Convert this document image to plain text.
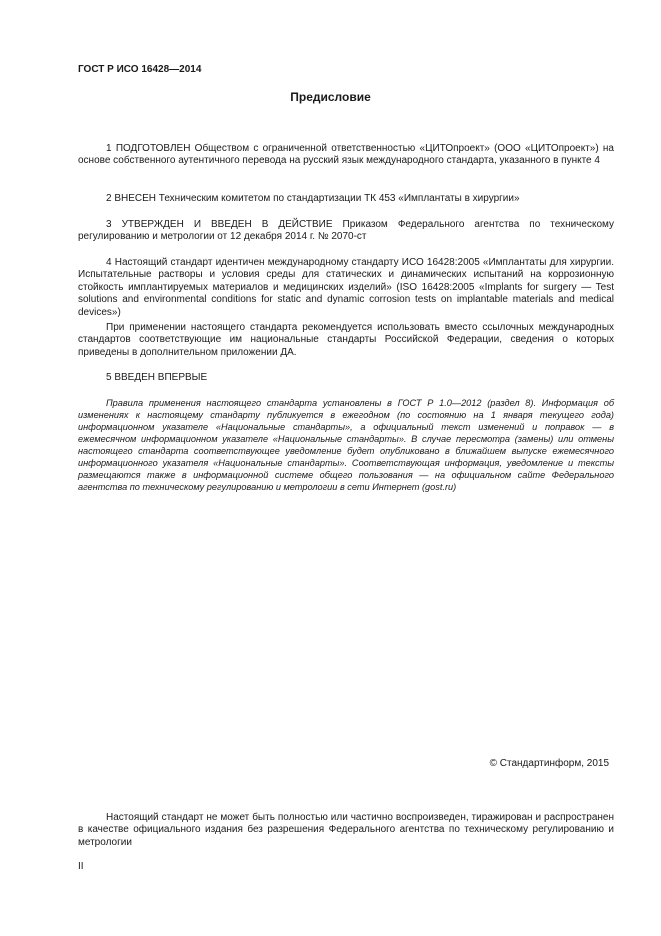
ГОСТ Р ИСО 16428—2014
Предисловие

1 ПОДГОТОВЛЕН Обществом с ограниченной ответственностью «ЦИТОпроект» (ООО «ЦИТОпроект») на основе собственного аутентичного перевода на русский язык международного стандарта, указанного в пункте 4

2 ВНЕСЕН Техническим комитетом по стандартизации ТК 453 «Имплантаты в хирургии»

3 УТВЕРЖДЕН И ВВЕДЕН В ДЕЙСТВИЕ Приказом Федерального агентства по техническому регулированию и метрологии от 12 декабря 2014 г. № 2070-ст

4 Настоящий стандарт идентичен международному стандарту ИСО 16428:2005 «Имплантаты для хирургии. Испытательные растворы и условия среды для статических и динамических испытаний на коррозионную стойкость имплантируемых материалов и медицинских изделий» (ISO 16428:2005 «Implants for surgery — Test solutions and environmental conditions for static and dynamic corrosion tests on implantable materials and medical devices»)

При применении настоящего стандарта рекомендуется использовать вместо ссылочных международных стандартов соответствующие им национальные стандарты Российской Федерации, сведения о которых приведены в дополнительном приложении ДА.

5 ВВЕДЕН ВПЕРВЫЕ

Правила применения настоящего стандарта установлены в ГОСТ Р 1.0—2012 (раздел 8). Информация об изменениях к настоящему стандарту публикуется в ежегодном (по состоянию на 1 января текущего года) информационном указателе «Национальные стандарты», а официальный текст изменений и поправок — в ежемесячном информационном указателе «Национальные стандарты». В случае пересмотра (замены) или отмены настоящего стандарта соответствующее уведомление будет опубликовано в ближайшем выпуске ежемесячного информационного указателя «Национальные стандарты». Соответствующая информация, уведомление и тексты размещаются также в информационной системе общего пользования — на официальном сайте Федерального агентства по техническому регулированию и метрологии в сети Интернет (gost.ru)

© Стандартинформ, 2015

Настоящий стандарт не может быть полностью или частично воспроизведен, тиражирован и распространен в качестве официального издания без разрешения Федерального агентства по техническому регулированию и метрологии

II
